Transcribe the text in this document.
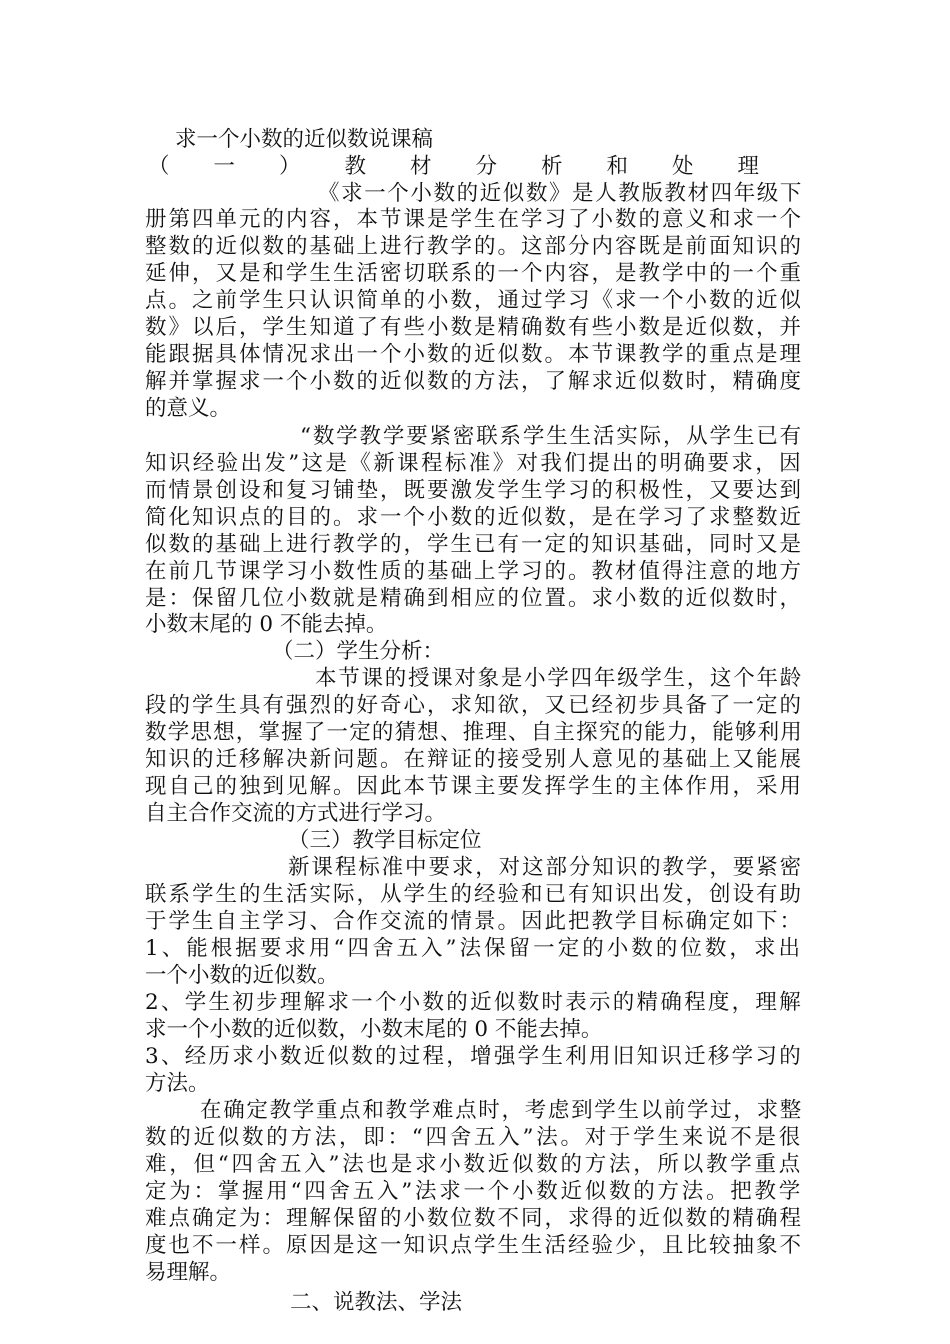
求一个小数的近似数说课稿
（一）教材分析和处理
《求一个小数的近似数》是人教版教材四年级下
册第四单元的内容，本节课是学生在学习了小数的意义和求一个
整数的近似数的基础上进行教学的。这部分内容既是前面知识的
延伸，又是和学生生活密切联系的一个内容，是教学中的一个重
点。之前学生只认识简单的小数，通过学习《求一个小数的近似
数》以后，学生知道了有些小数是精确数有些小数是近似数，并
能跟据具体情况求出一个小数的近似数。本节课教学的重点是理
解并掌握求一个小数的近似数的方法，了解求近似数时，精确度
的意义。
“数学教学要紧密联系学生生活实际，从学生已有
知识经验出发”这是《新课程标准》对我们提出的明确要求，因
而情景创设和复习铺垫，既要激发学生学习的积极性，又要达到
简化知识点的目的。求一个小数的近似数，是在学习了求整数近
似数的基础上进行教学的，学生已有一定的知识基础，同时又是
在前几节课学习小数性质的基础上学习的。教材值得注意的地方
是：保留几位小数就是精确到相应的位置。求小数的近似数时，
小数末尾的 0 不能去掉。
（二）学生分析：
本节课的授课对象是小学四年级学生，这个年龄
段的学生具有强烈的好奇心，求知欲，又已经初步具备了一定的
数学思想，掌握了一定的猜想、推理、自主探究的能力，能够利用
知识的迁移解决新问题。在辩证的接受别人意见的基础上又能展
现自己的独到见解。因此本节课主要发挥学生的主体作用，采用
自主合作交流的方式进行学习。
（三）教学目标定位
新课程标准中要求，对这部分知识的教学，要紧密
联系学生的生活实际，从学生的经验和已有知识出发，创设有助
于学生自主学习、合作交流的情景。因此把教学目标确定如下：
1、能根据要求用“四舍五入”法保留一定的小数的位数，求出
一个小数的近似数。
2、学生初步理解求一个小数的近似数时表示的精确程度，理解
求一个小数的近似数，小数末尾的 0 不能去掉。
3、经历求小数近似数的过程，增强学生利用旧知识迁移学习的
方法。
在确定教学重点和教学难点时，考虑到学生以前学过，求整
数的近似数的方法，即：“四舍五入”法。对于学生来说不是很
难，但“四舍五入”法也是求小数近似数的方法，所以教学重点
定为：掌握用“四舍五入”法求一个小数近似数的方法。把教学
难点确定为：理解保留的小数位数不同，求得的近似数的精确程
度也不一样。原因是这一知识点学生生活经验少，且比较抽象不
易理解。
二、说教法、学法
